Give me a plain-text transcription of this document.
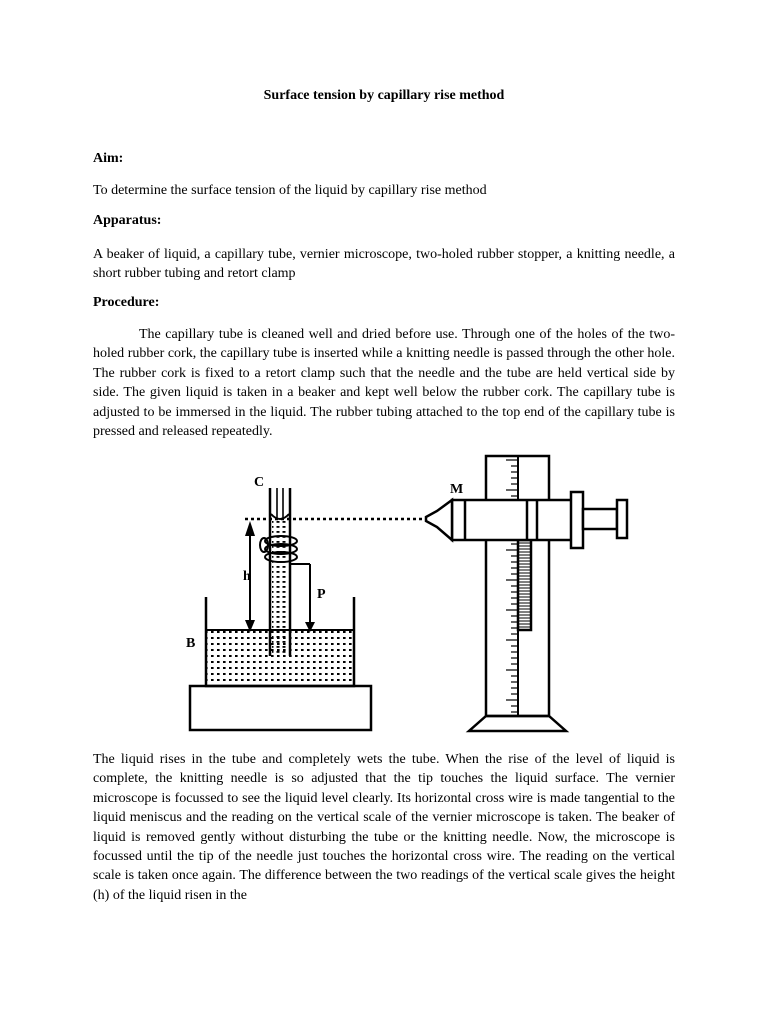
Surface tension by capillary rise method
Aim:

To determine the surface tension of the liquid by capillary rise method

Apparatus:

A beaker of liquid, a capillary tube, vernier microscope, two-holed rubber stopper, a knitting needle, a short rubber tubing and retort clamp

Procedure:

The capillary tube is cleaned well and dried before use. Through one of the holes of the two-holed rubber cork, the capillary tube is inserted while a knitting needle is passed through the other hole. The rubber cork is fixed to a retort clamp such that the needle and the tube are held vertical side by side. The given liquid is taken in a beaker and kept well below the rubber cork. The capillary tube is adjusted to be immersed in the liquid. The rubber tubing attached to the top end of the capillary tube is pressed and released repeatedly.

The liquid rises in the tube and completely wets the tube. When the rise of the level of liquid is complete, the knitting needle is so adjusted that the tip touches the liquid surface. The vernier microscope is focussed to see the liquid level clearly. Its horizontal cross wire is made tangential to the liquid meniscus and the reading on the vertical scale of the vernier microscope is taken. The beaker of liquid is removed gently without disturbing the tube or the knitting needle. Now, the microscope is focussed until the tip of the needle just touches the horizontal cross wire. The reading on the vertical scale is taken once again. The difference between the two readings of the vertical scale gives the height (h) of the liquid risen in the

C	M
h
P
B
